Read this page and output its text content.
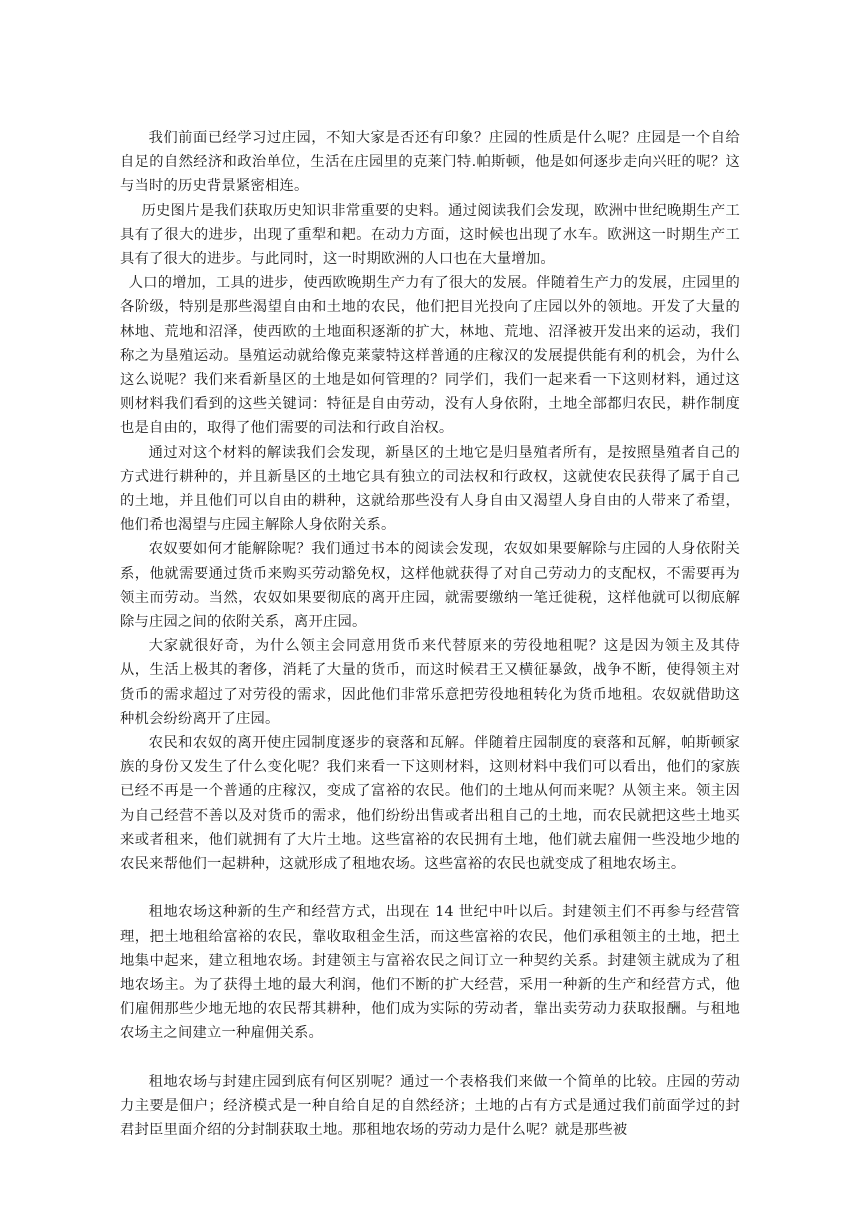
我们前面已经学习过庄园，不知大家是否还有印象？庄园的性质是什么呢？庄园是一个自给自足的自然经济和政治单位，生活在庄园里的克莱门特.帕斯顿，他是如何逐步走向兴旺的呢？这与当时的历史背景紧密相连。

历史图片是我们获取历史知识非常重要的史料。通过阅读我们会发现，欧洲中世纪晚期生产工具有了很大的进步，出现了重犁和耙。在动力方面，这时候也出现了水车。欧洲这一时期生产工具有了很大的进步。与此同时，这一时期欧洲的人口也在大量增加。

人口的增加，工具的进步，使西欧晚期生产力有了很大的发展。伴随着生产力的发展，庄园里的各阶级，特别是那些渴望自由和土地的农民，他们把目光投向了庄园以外的领地。开发了大量的林地、荒地和沼泽，使西欧的土地面积逐渐的扩大，林地、荒地、沼泽被开发出来的运动，我们称之为垦殖运动。垦殖运动就给像克莱蒙特这样普通的庄稼汉的发展提供能有利的机会，为什么这么说呢？我们来看新垦区的土地是如何管理的？同学们，我们一起来看一下这则材料，通过这则材料我们看到的这些关键词：特征是自由劳动，没有人身依附，土地全部都归农民，耕作制度也是自由的，取得了他们需要的司法和行政自治权。

通过对这个材料的解读我们会发现，新垦区的土地它是归垦殖者所有，是按照垦殖者自己的方式进行耕种的，并且新垦区的土地它具有独立的司法权和行政权，这就使农民获得了属于自己的土地，并且他们可以自由的耕种，这就给那些没有人身自由又渴望人身自由的人带来了希望，他们希也渴望与庄园主解除人身依附关系。

农奴要如何才能解除呢？我们通过书本的阅读会发现，农奴如果要解除与庄园的人身依附关系，他就需要通过货币来购买劳动豁免权，这样他就获得了对自己劳动力的支配权，不需要再为领主而劳动。当然，农奴如果要彻底的离开庄园，就需要缴纳一笔迁徙税，这样他就可以彻底解除与庄园之间的依附关系，离开庄园。

大家就很好奇，为什么领主会同意用货币来代替原来的劳役地租呢？这是因为领主及其侍从，生活上极其的奢侈，消耗了大量的货币，而这时候君王又横征暴敛，战争不断，使得领主对货币的需求超过了对劳役的需求，因此他们非常乐意把劳役地租转化为货币地租。农奴就借助这种机会纷纷离开了庄园。

农民和农奴的离开使庄园制度逐步的衰落和瓦解。伴随着庄园制度的衰落和瓦解，帕斯顿家族的身份又发生了什么变化呢？我们来看一下这则材料，这则材料中我们可以看出，他们的家族已经不再是一个普通的庄稼汉，变成了富裕的农民。他们的土地从何而来呢？从领主来。领主因为自己经营不善以及对货币的需求，他们纷纷出售或者出租自己的土地，而农民就把这些土地买来或者租来，他们就拥有了大片土地。这些富裕的农民拥有土地，他们就去雇佣一些没地少地的农民来帮他们一起耕种，这就形成了租地农场。这些富裕的农民也就变成了租地农场主。

租地农场这种新的生产和经营方式，出现在 14 世纪中叶以后。封建领主们不再参与经营管理，把土地租给富裕的农民，靠收取租金生活，而这些富裕的农民，他们承租领主的土地，把土地集中起来，建立租地农场。封建领主与富裕农民之间订立一种契约关系。封建领主就成为了租地农场主。为了获得土地的最大利润，他们不断的扩大经营，采用一种新的生产和经营方式，他们雇佣那些少地无地的农民帮其耕种，他们成为实际的劳动者，靠出卖劳动力获取报酬。与租地农场主之间建立一种雇佣关系。

租地农场与封建庄园到底有何区别呢？通过一个表格我们来做一个简单的比较。庄园的劳动力主要是佃户；经济模式是一种自给自足的自然经济；土地的占有方式是通过我们前面学过的封君封臣里面介绍的分封制获取土地。那租地农场的劳动力是什么呢？就是那些被
